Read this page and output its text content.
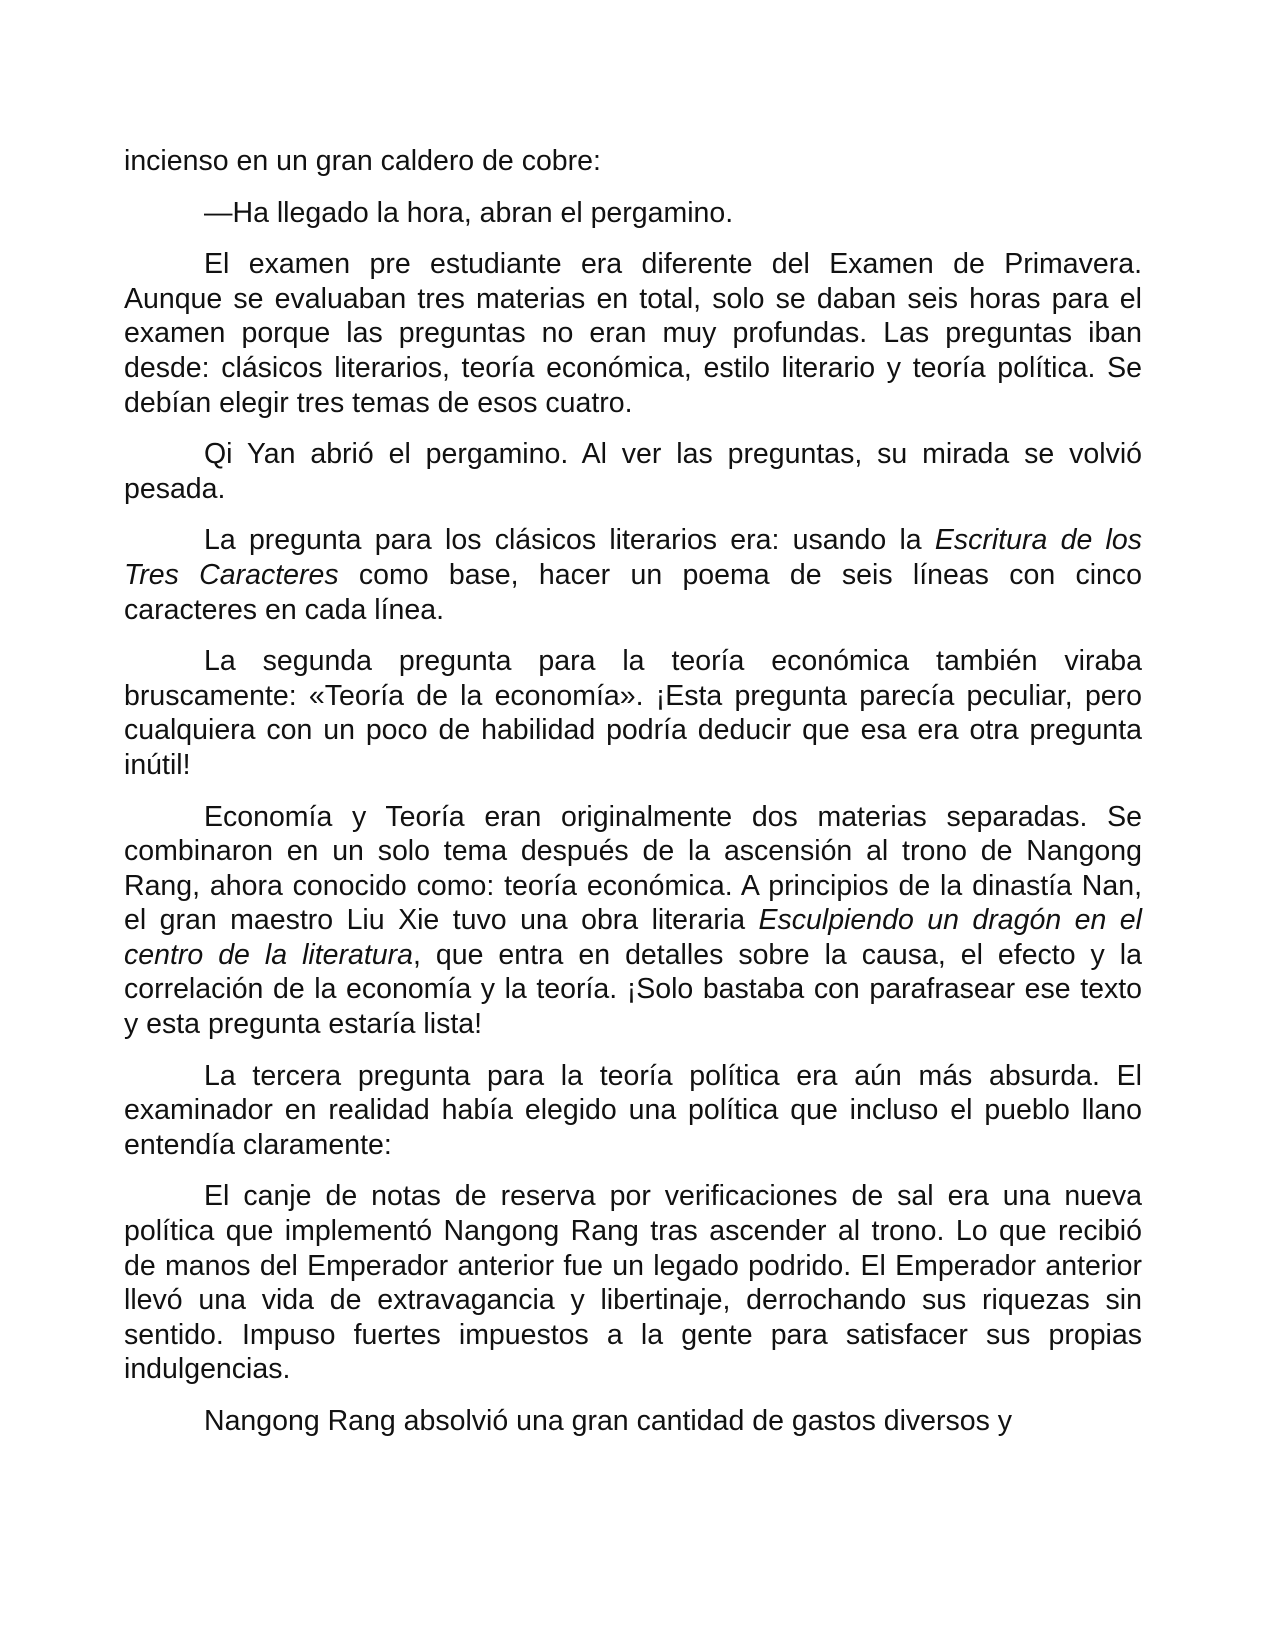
incienso en un gran caldero de cobre:

—Ha llegado la hora, abran el pergamino.

El examen pre estudiante era diferente del Examen de Primavera. Aunque se evaluaban tres materias en total, solo se daban seis horas para el examen porque las preguntas no eran muy profundas. Las preguntas iban desde: clásicos literarios, teoría económica, estilo literario y teoría política. Se debían elegir tres temas de esos cuatro.

Qi Yan abrió el pergamino. Al ver las preguntas, su mirada se volvió pesada.

La pregunta para los clásicos literarios era: usando la Escritura de los Tres Caracteres como base, hacer un poema de seis líneas con cinco caracteres en cada línea.

La segunda pregunta para la teoría económica también viraba bruscamente: «Teoría de la economía». ¡Esta pregunta parecía peculiar, pero cualquiera con un poco de habilidad podría deducir que esa era otra pregunta inútil!

Economía y Teoría eran originalmente dos materias separadas. Se combinaron en un solo tema después de la ascensión al trono de Nangong Rang, ahora conocido como: teoría económica. A principios de la dinastía Nan, el gran maestro Liu Xie tuvo una obra literaria Esculpiendo un dragón en el centro de la literatura, que entra en detalles sobre la causa, el efecto y la correlación de la economía y la teoría. ¡Solo bastaba con parafrasear ese texto y esta pregunta estaría lista!

La tercera pregunta para la teoría política era aún más absurda. El examinador en realidad había elegido una política que incluso el pueblo llano entendía claramente:

El canje de notas de reserva por verificaciones de sal era una nueva política que implementó Nangong Rang tras ascender al trono. Lo que recibió de manos del Emperador anterior fue un legado podrido. El Emperador anterior llevó una vida de extravagancia y libertinaje, derrochando sus riquezas sin sentido. Impuso fuertes impuestos a la gente para satisfacer sus propias indulgencias.

Nangong Rang absolvió una gran cantidad de gastos diversos y
